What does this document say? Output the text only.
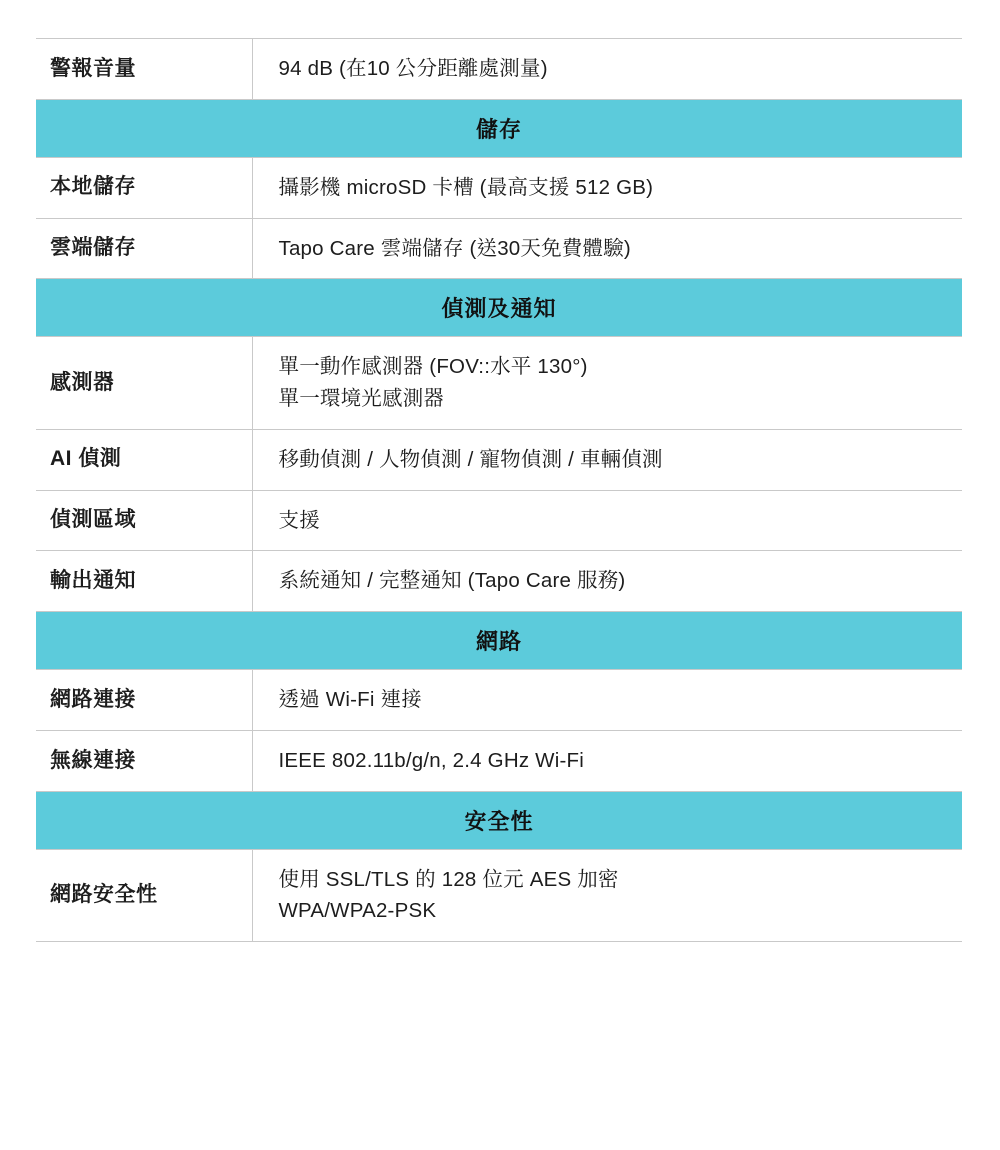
警報音量	94 dB (在10 公分距離處測量)

儲存	
本地儲存	攝影機 microSD 卡槽 (最高支援 512 GB)

雲端儲存	Tapo Care 雲端儲存 (送30天免費體驗)

偵測及通知	
感測器	單一動作感測器 (FOV::水平 130°)
單一環境光感測器

AI 偵測	移動偵測 / 人物偵測 / 寵物偵測 / 車輛偵測

偵測區域	支援

輸出通知	系統通知 / 完整通知 (Tapo Care 服務)

網路	
網路連接	透過 Wi-Fi 連接

無線連接	IEEE 802.11b/g/n, 2.4 GHz Wi-Fi

安全性	
網路安全性	使用 SSL/TLS 的 128 位元 AES 加密
WPA/WPA2-PSK
